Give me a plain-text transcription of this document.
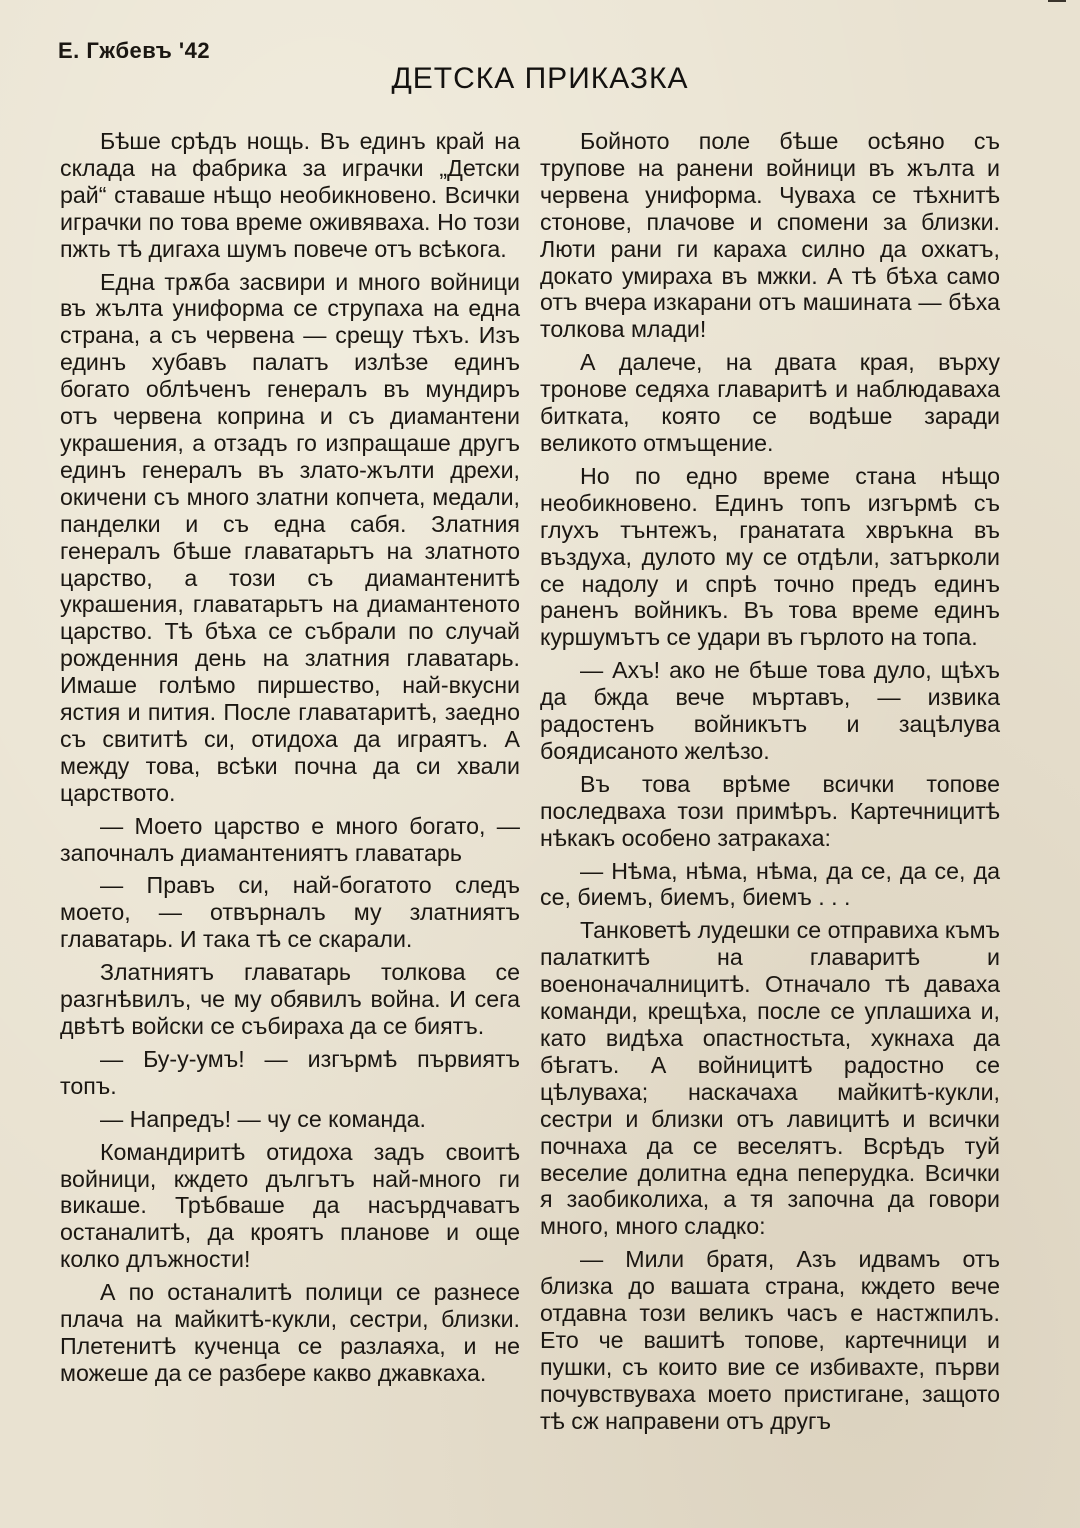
Е. Гжбевъ '42
ДЕТСКА ПРИКАЗКА

Бѣше срѣдъ нощь. Въ единъ край на склада на фабрика за играчки „Детски рай“ ставаше нѣщо необикновено. Всички играчки по това време оживяваха. Но този пжть тѣ дигаха шумъ повече отъ всѣкога.

Една трѫба засвири и много войници въ жълта униформа се струпаха на една страна, а съ червена — срещу тѣхъ. Изъ единъ хубавъ палатъ излѣзе единъ богато облѣченъ генералъ въ мундиръ отъ червена коприна и съ диамантени украшения, а отзадъ го изпращаше другъ единъ генералъ въ злато-жълти дрехи, окичени съ много златни копчета, медали, панделки и съ една сабя. Златния генералъ бѣше главатарьтъ на златното царство, а този съ диамантенитѣ украшения, главатарьтъ на диамантеното царство. Тѣ бѣха се събрали по случай рожденния день на златния главатарь. Имаше голѣмо пиршество, най-вкусни ястия и пития. После главатаритѣ, заедно съ свититѣ си, отидоха да играятъ. А между това, всѣки почна да си хвали царството.

— Моето царство е много богато, — започналъ диамантениятъ главатарь

— Правъ си, най-богатото следъ моето, — отвърналъ му златниятъ главатарь. И така тѣ се скарали.

Златниятъ главатарь толкова се разгнѣвилъ, че му обявилъ война. И сега двѣтѣ войски се събираха да се биятъ.

— Бу-у-умъ! — изгърмѣ първиятъ топъ.

— Напредъ! — чу се команда.

Командиритѣ отидоха задъ своитѣ войници, кждето дългътъ най-много ги викаше. Трѣбваше да насърдчаватъ останалитѣ, да кроятъ планове и още колко длъжности!

А по останалитѣ полици се разнесе плача на майкитѣ-кукли, сестри, близки. Плетенитѣ кученца се разлаяха, и не можеше да се разбере какво джавкаха.

Бойното поле бѣше осѣяно съ трупове на ранени войници въ жълта и червена униформа. Чуваха се тѣхнитѣ стонове, плачове и спомени за близки. Люти рани ги караха силно да охкатъ, докато умираха въ мжки. А тѣ бѣха само отъ вчера изкарани отъ машината — бѣха толкова млади!

А далече, на двата края, върху тронове седяха главаритѣ и наблюдаваха битката, която се водѣше заради великото отмъщение.

Но по едно време стана нѣщо необикновено. Единъ топъ изгърмѣ съ глухъ тънтежъ, гранатата хвръкна въ въздуха, дулото му се отдѣли, затъркoли се надолу и спрѣ точно предъ единъ раненъ войникъ. Въ това време единъ куршумътъ се удари въ гърлото на топа.

— Ахъ! ако не бѣше това дуло, щѣхъ да бжда вече мъртавъ, — извика радостенъ войникътъ и зацѣлува боядисаното желѣзо.

Въ това врѣме всички топове последваха този примѣръ. Картечницитѣ нѣкакъ особено затракаха:

— Нѣма, нѣма, нѣма, да се, да се, да се, биемъ, биемъ, биемъ . . .

Танковетѣ лудешки се отправиха къмъ палаткитѣ на главаритѣ и военоначалницитѣ. Отначало тѣ даваха команди, крещѣха, после се уплашиха и, като видѣха опастностьта, хукнаха да бѣгатъ. А войницитѣ радостно се цѣлуваха; наскачаха майкитѣ-кукли, сестри и близки отъ лавицитѣ и всички почнаха да се веселятъ. Всрѣдъ туй веселие долитна една пеперудка. Всички я заобиколиха, а тя започна да говори много, много сладко:

— Мили братя, Азъ идвамъ отъ близка до вашата страна, кждето вече отдавна този великъ часъ е настжпилъ. Ето че вашитѣ топове, картечници и пушки, съ които вие се избивахте, първи почувствуваха моето пристигане, защото тѣ сж направени отъ другъ
